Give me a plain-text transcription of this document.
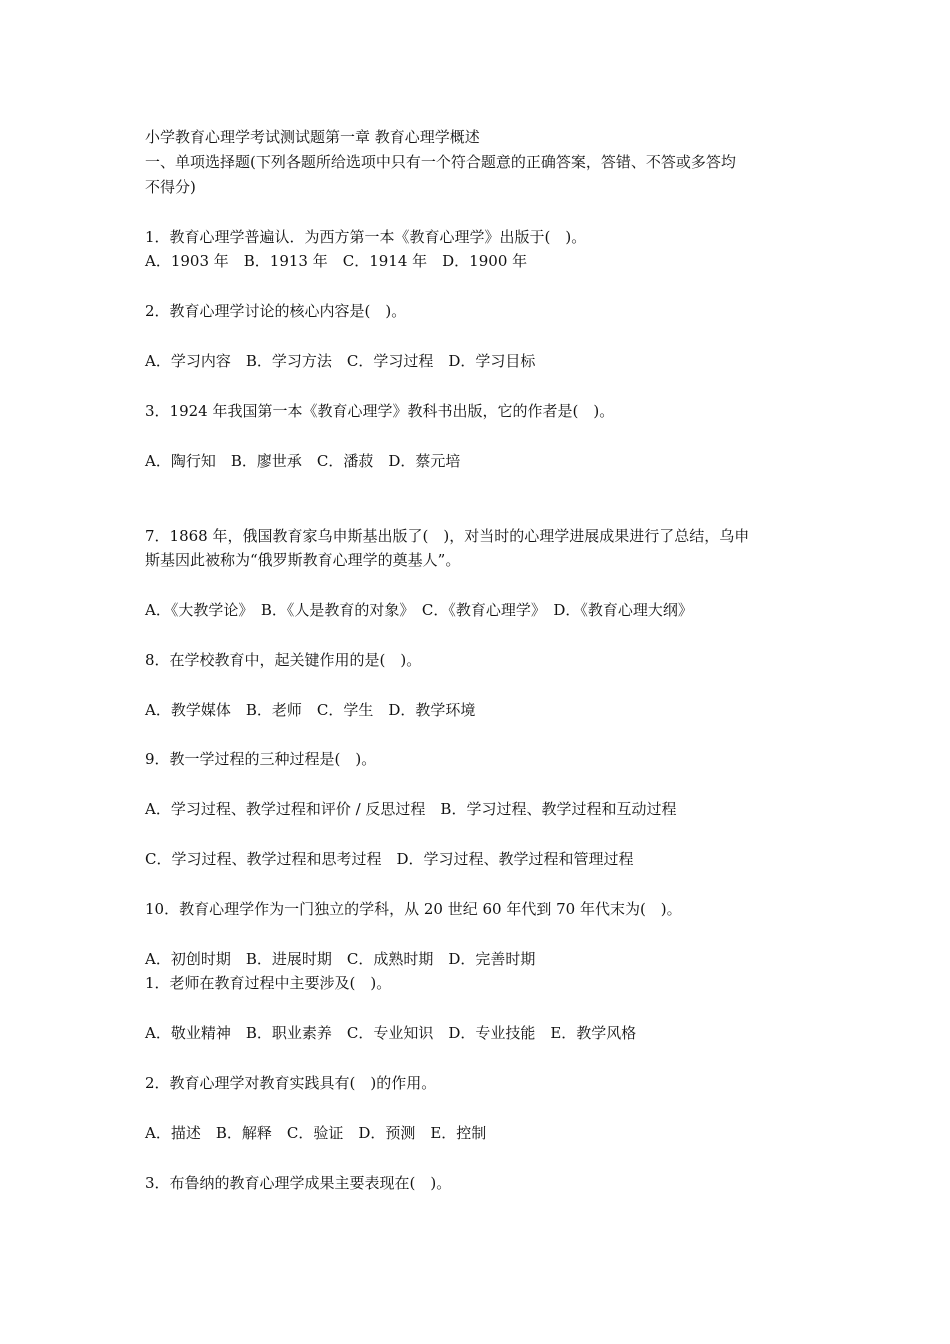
小学教育心理学考试测试题第一章 教育心理学概述
一、单项选择题(下列各题所给选项中只有一个符合题意的正确答案，答错、不答或多答均
不得分)
1．教育心理学普遍认．为西方第一本《教育心理学》出版于(　)。
A．1903 年　B．1913 年　C．1914 年　D．1900 年
2．教育心理学讨论的核心内容是(　)。
A．学习内容　B．学习方法　C．学习过程　D．学习目标
3．1924 年我国第一本《教育心理学》教科书出版，它的作者是(　)。
A．陶行知　B．廖世承　C．潘菽　D．蔡元培
7．1868 年，俄国教育家乌申斯基出版了(　)，对当时的心理学进展成果进行了总结，乌申
斯基因此被称为“俄罗斯教育心理学的奠基人”。
A．《大教学论》　B．《人是教育的对象》　C．《教育心理学》　D．《教育心理大纲》
8．在学校教育中，起关键作用的是(　)。
A．教学媒体　B．老师　C．学生　D．教学环境
9．教一学过程的三种过程是(　)。
A．学习过程、教学过程和评价 / 反思过程　B．学习过程、教学过程和互动过程
C．学习过程、教学过程和思考过程　D．学习过程、教学过程和管理过程
10．教育心理学作为一门独立的学科，从 20 世纪 60 年代到 70 年代末为(　)。
A．初创时期　B．进展时期　C．成熟时期　D．完善时期
1．老师在教育过程中主要涉及(　)。
A．敬业精神　B．职业素养　C．专业知识　D．专业技能　E．教学风格
2．教育心理学对教育实践具有(　)的作用。
A．描述　B．解释　C．验证　D．预测　E．控制
3．布鲁纳的教育心理学成果主要表现在(　)。
